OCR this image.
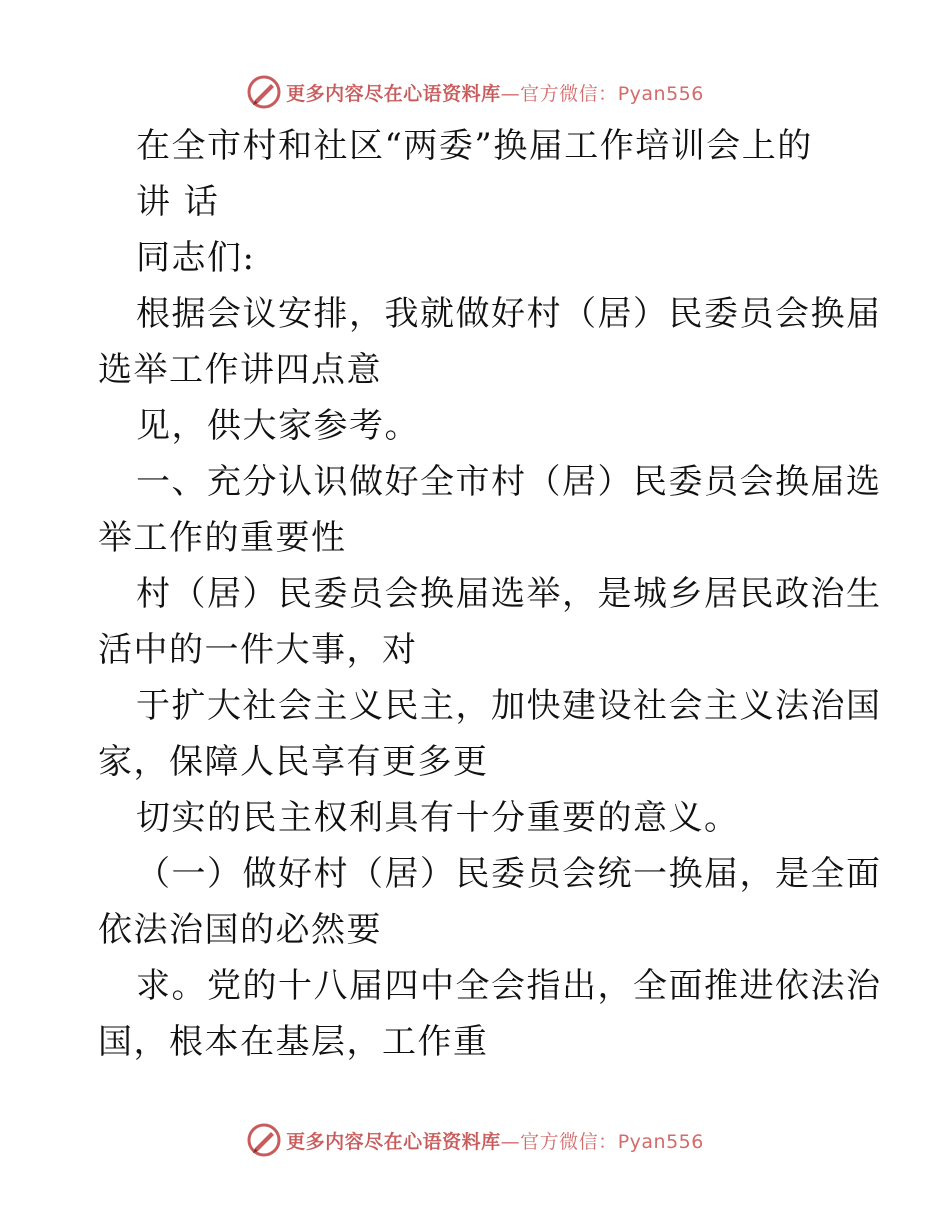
更多内容尽在心语资料库—官方微信：Pyan556
在全市村和社区“两委”换届工作培训会上的
讲 话
同志们:
根据会议安排，我就做好村（居）民委员会换届
选举工作讲四点意
见，供大家参考。
一、充分认识做好全市村（居）民委员会换届选
举工作的重要性
村（居）民委员会换届选举，是城乡居民政治生
活中的一件大事，对
于扩大社会主义民主，加快建设社会主义法治国
家，保障人民享有更多更
切实的民主权利具有十分重要的意义。
（一）做好村（居）民委员会统一换届，是全面
依法治国的必然要
求。党的十八届四中全会指出，全面推进依法治
国，根本在基层，工作重
更多内容尽在心语资料库—官方微信：Pyan556
